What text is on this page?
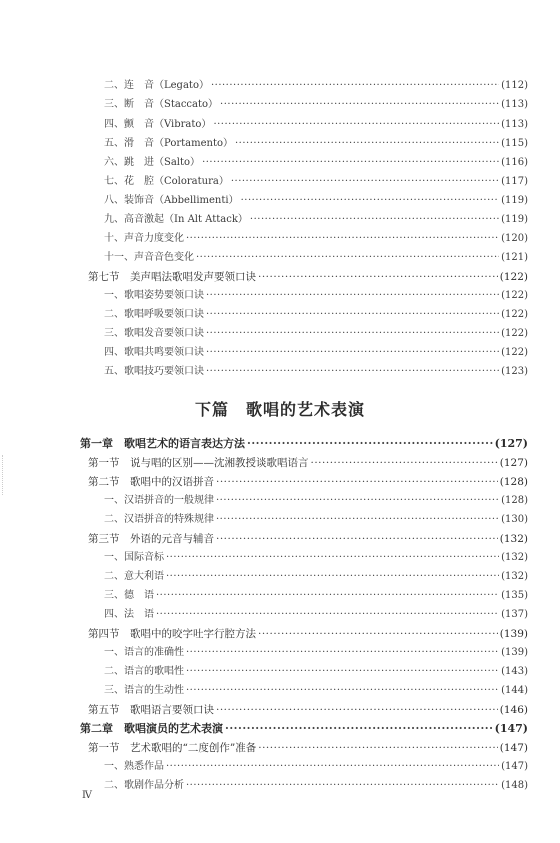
二、连　音（Legato） ·····	(112)
三、断　音（Staccato） ·····	(113)
四、颤　音（Vibrato） ·····	(113)
五、滑　音（Portamento） ·····	(115)
六、跳　进（Salto） ·····	(116)
七、花　腔（Coloratura） ·····	(117)
八、装饰音（Abbellimenti） ·····	(119)
九、高音激起（In Alt Attack） ·····	(119)
十、声音力度变化 ·····	(120)
十一、声音音色变化 ·····	(121)
第七节　美声唱法歌唱发声要领口诀 ·····	(122)
一、歌唱姿势要领口诀 ·····	(122)
二、歌唱呼吸要领口诀 ·····	(122)
三、歌唱发音要领口诀 ·····	(122)
四、歌唱共鸣要领口诀 ·····	(122)
五、歌唱技巧要领口诀 ·····	(123)
下篇　歌唱的艺术表演
第一章　歌唱艺术的语言表达方法 ·····	(127)
第一节　说与唱的区别——沈湘教授谈歌唱语言 ·····	(127)
第二节　歌唱中的汉语拼音 ·····	(128)
一、汉语拼音的一般规律 ·····	(128)
二、汉语拼音的特殊规律 ·····	(130)
第三节　外语的元音与辅音 ·····	(132)
一、国际音标 ·····	(132)
二、意大利语 ·····	(132)
三、德　语 ·····	(135)
四、法　语 ·····	(137)
第四节　歌唱中的咬字吐字行腔方法 ·····	(139)
一、语言的准确性 ·····	(139)
二、语言的歌唱性 ·····	(143)
三、语言的生动性 ·····	(144)
第五节　歌唱语言要领口诀 ·····	(146)
第二章　歌唱演员的艺术表演 ·····	(147)
第一节　艺术歌唱的“二度创作”准备 ·····	(147)
一、熟悉作品 ·····	(147)
二、歌剧作品分析 ·····	(148)
Ⅳ
